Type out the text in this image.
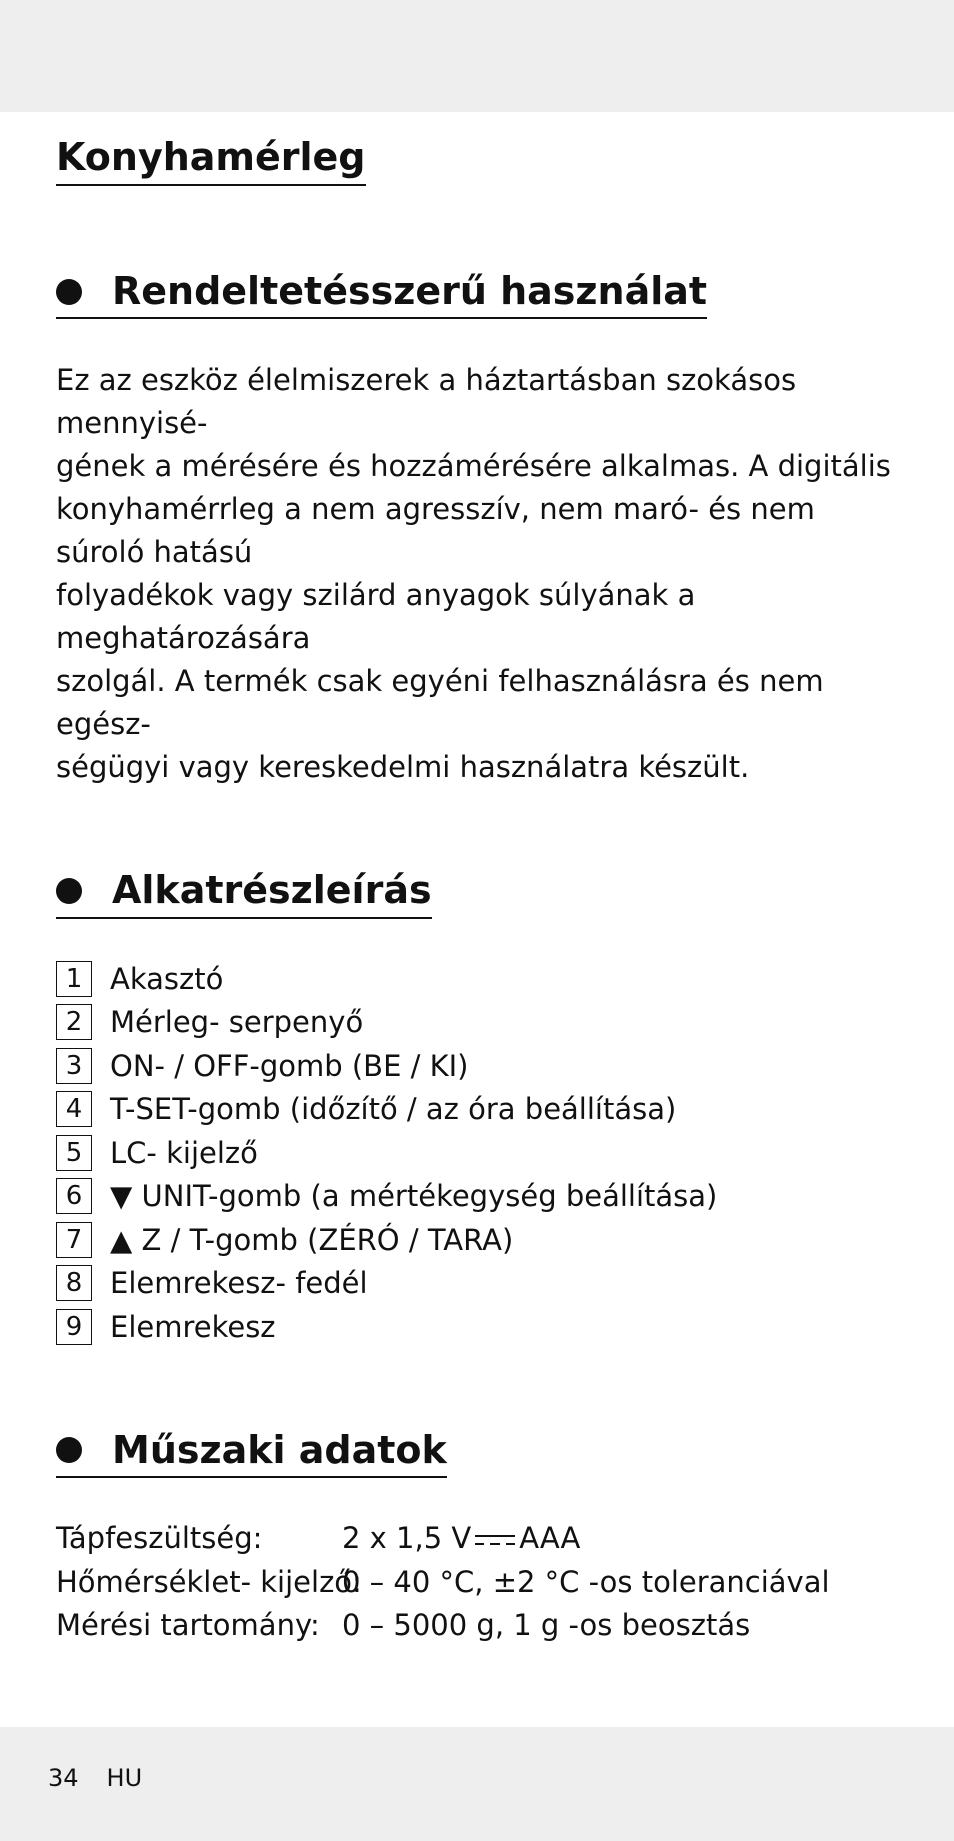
Konyhamérleg
Rendeltetésszerű használat

Ez az eszköz élelmiszerek a háztartásban szokásos mennyisé-
gének a mérésére és hozzámérésére alkalmas. A digitális
konyhamérrleg a nem agresszív, nem maró- és nem súroló hatású
folyadékok vagy szilárd anyagok súlyának a meghatározására
szolgál. A termék csak egyéni felhasználásra és nem egész-
ségügyi vagy kereskedelmi használatra készült.

Alkatrészleírás
1 Akasztó
2 Mérleg- serpenyő
3 ON- / OFF-gomb (BE / KI)
4 T-SET-gomb (időzítő / az óra beállítása)
5 LC- kijelző
6 ▼ UNIT-gomb (a mértékegység beállítása)
7 ▲ Z / T-gomb (ZÉRÓ / TARA)
8 Elemrekesz- fedél
9 Elemrekesz
Műszaki adatok
Tápfeszültség:	2 x 1,5 V AAA
Hőmérséklet- kijelző:
0 – 40 °C, ±2 °C -os toleranciával
Mérési tartomány: 0 – 5000 g, 1 g -os beosztás
34 HU
